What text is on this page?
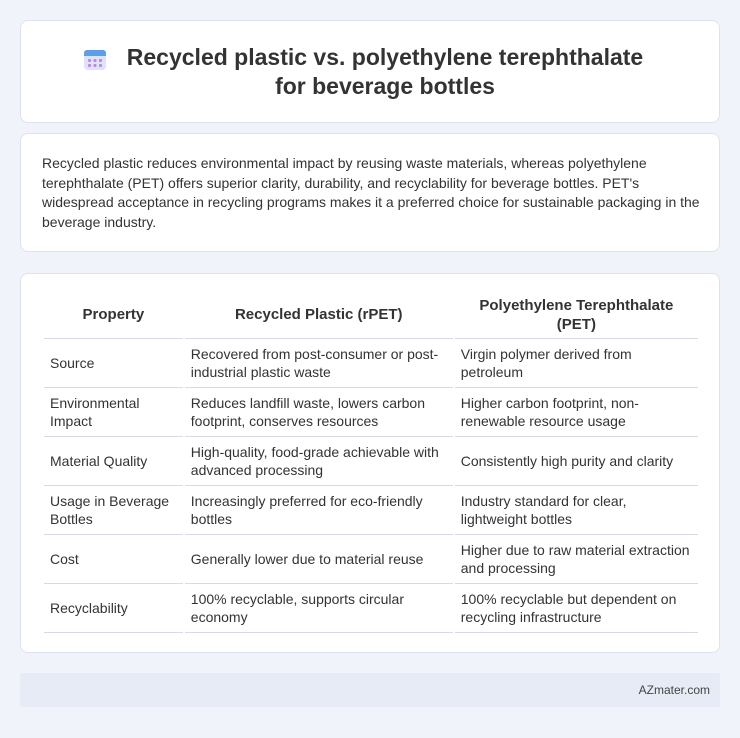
Recycled plastic vs. polyethylene terephthalate for beverage bottles

Recycled plastic reduces environmental impact by reusing waste materials, whereas polyethylene terephthalate (PET) offers superior clarity, durability, and recyclability for beverage bottles. PET's widespread acceptance in recycling programs makes it a preferred choice for sustainable packaging in the beverage industry.

Property	Recycled Plastic (rPET)	Polyethylene Terephthalate (PET)
Source	Recovered from post-consumer or post-industrial plastic waste	Virgin polymer derived from petroleum
Environmental Impact	Reduces landfill waste, lowers carbon footprint, conserves resources	Higher carbon footprint, non-renewable resource usage
Material Quality	High-quality, food-grade achievable with advanced processing	Consistently high purity and clarity
Usage in Beverage Bottles	Increasingly preferred for eco-friendly bottles	Industry standard for clear, lightweight bottles
Cost	Generally lower due to material reuse	Higher due to raw material extraction and processing
Recyclability	100% recyclable, supports circular economy	100% recyclable but dependent on recycling infrastructure
AZmater.com
